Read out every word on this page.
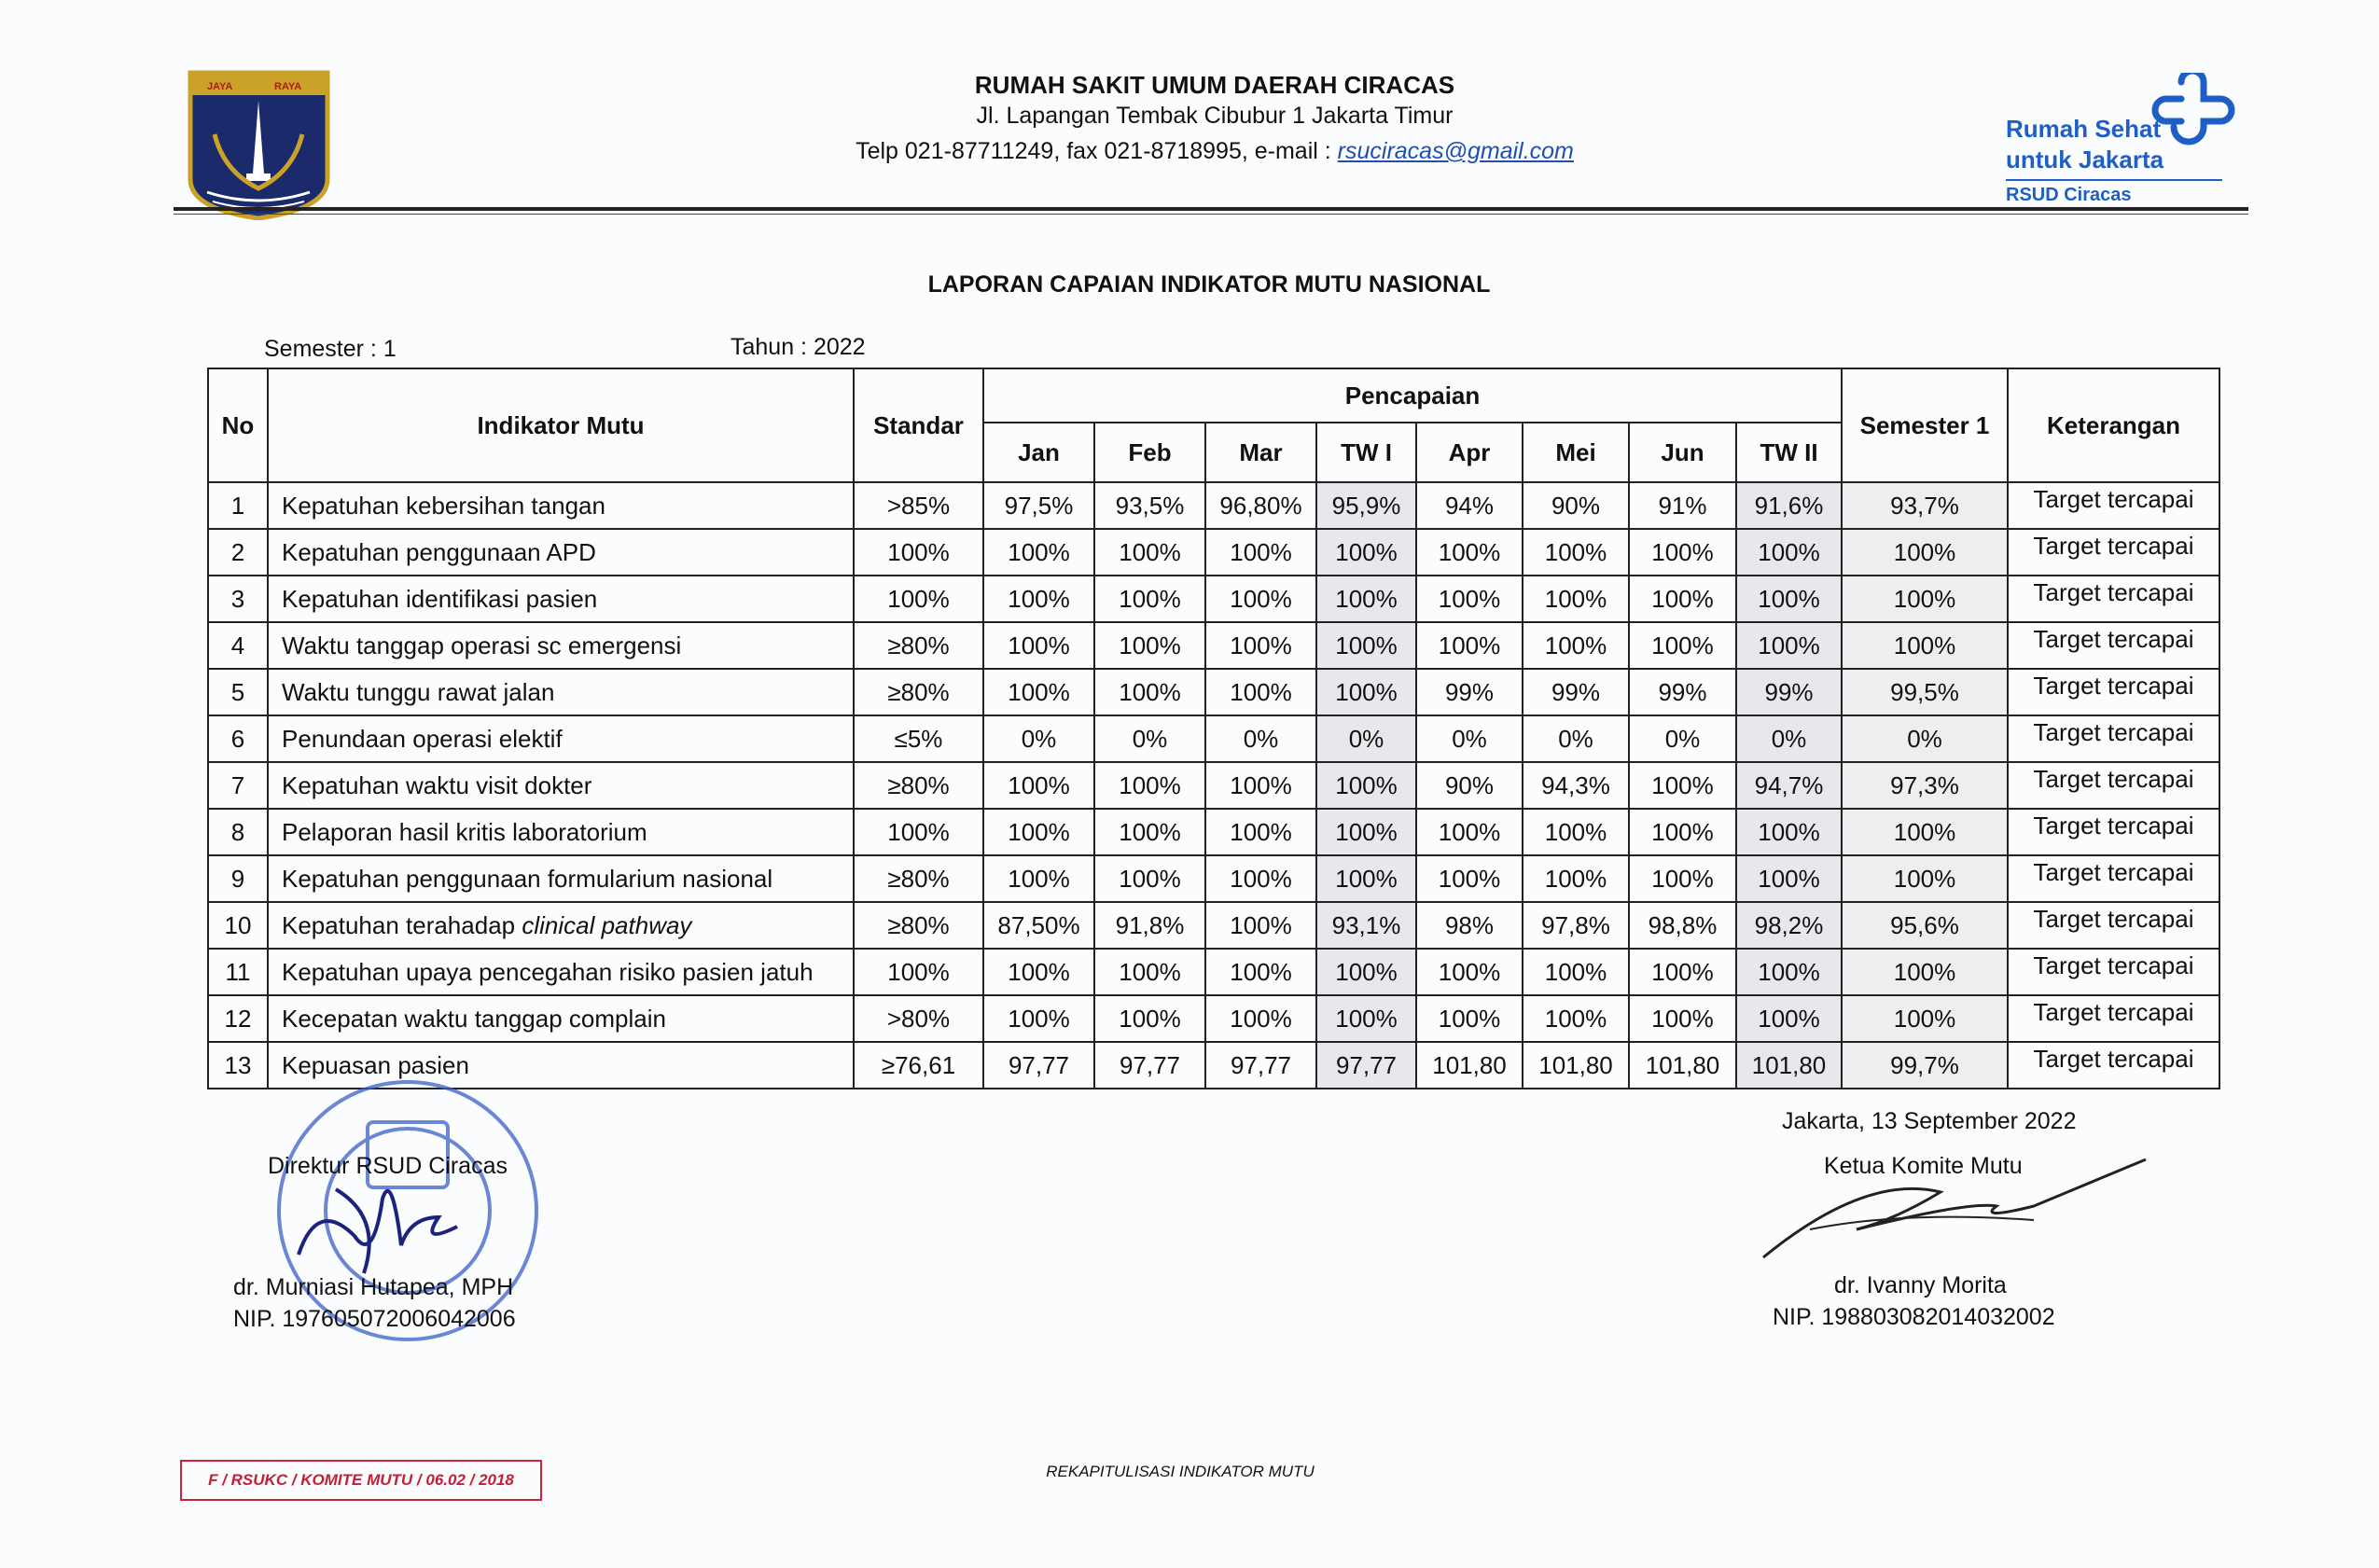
JAYA	RAYA	RUMAH SAKIT UMUM DAERAH CIRACAS
Jl. Lapangan Tembak Cibubur 1 Jakarta Timur
Telp 021-87711249, fax 021-8718995, e-mail : rsuciracas@gmail.com
Rumah Sehat
untuk Jakarta
RSUD Ciracas
LAPORAN CAPAIAN INDIKATOR MUTU NASIONAL
Semester : 1	Tahun : 2022
No	Indikator Mutu	Standar	Pencapaian								Semester 1	Keterangan
			Jan	Feb	Mar	TW I	Apr	Mei	Jun	TW II		
1	Kepatuhan kebersihan tangan	>85%	97,5%	93,5%	96,80%	95,9%	94%	90%	91%	91,6%	93,7%	Target tercapai
2	Kepatuhan penggunaan APD	100%	100%	100%	100%	100%	100%	100%	100%	100%	100%	Target tercapai
3	Kepatuhan identifikasi pasien	100%	100%	100%	100%	100%	100%	100%	100%	100%	100%	Target tercapai
4	Waktu tanggap operasi sc emergensi	≥80%	100%	100%	100%	100%	100%	100%	100%	100%	100%	Target tercapai
5	Waktu tunggu rawat jalan	≥80%	100%	100%	100%	100%	99%	99%	99%	99%	99,5%	Target tercapai
6	Penundaan operasi elektif	≤5%	0%	0%	0%	0%	0%	0%	0%	0%	0%	Target tercapai
7	Kepatuhan waktu visit dokter	≥80%	100%	100%	100%	100%	90%	94,3%	100%	94,7%	97,3%	Target tercapai
8	Pelaporan hasil kritis laboratorium	100%	100%	100%	100%	100%	100%	100%	100%	100%	100%	Target tercapai
9	Kepatuhan penggunaan formularium nasional	≥80%	100%	100%	100%	100%	100%	100%	100%	100%	100%	Target tercapai
10	Kepatuhan terahadap clinical pathway	≥80%	87,50%	91,8%	100%	93,1%	98%	97,8%	98,8%	98,2%	95,6%	Target tercapai
11	Kepatuhan upaya pencegahan risiko pasien jatuh	100%	100%	100%	100%	100%	100%	100%	100%	100%	100%	Target tercapai
12	Kecepatan waktu tanggap complain	>80%	100%	100%	100%	100%	100%	100%	100%	100%	100%	Target tercapai
13	Kepuasan pasien	≥76,61	97,77	97,77	97,77	97,77	101,80	101,80	101,80	101,80	99,7%	Target tercapai
Direktur RSUD Ciracas
dr. Murniasi Hutapea, MPH
NIP. 197605072006042006
Jakarta, 13 September 2022
Ketua Komite Mutu
dr. Ivanny Morita
NIP. 198803082014032002
F / RSUKC / KOMITE MUTU / 06.02 / 2018	REKAPITULISASI INDIKATOR MUTU
